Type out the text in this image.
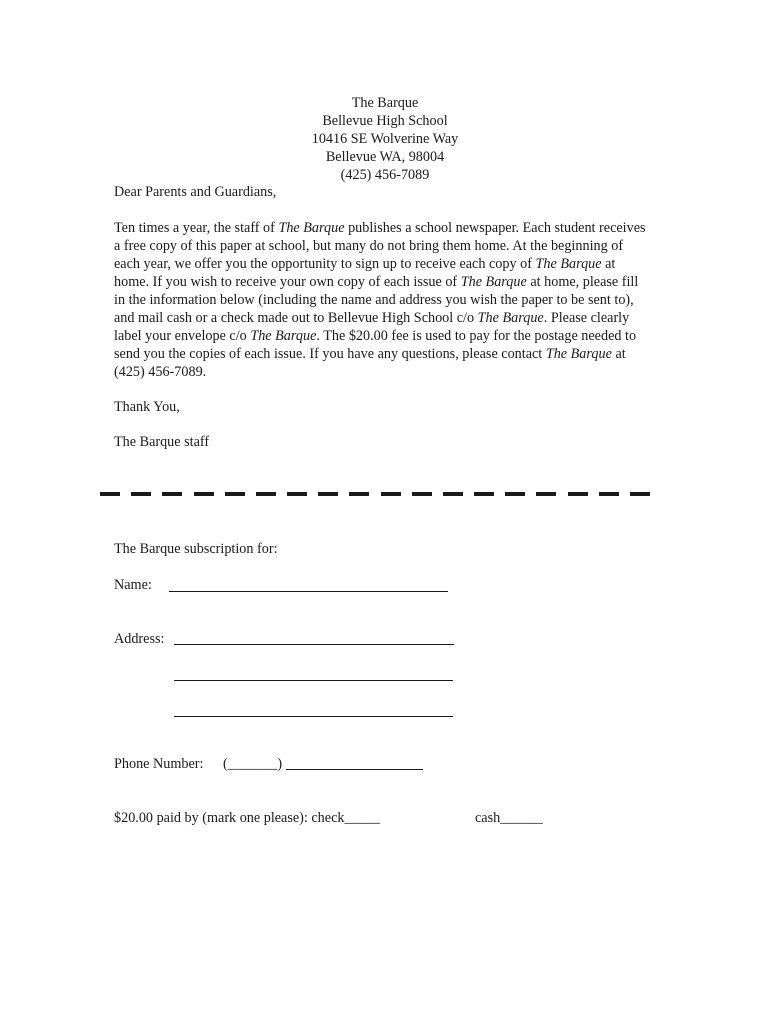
The Barque
Bellevue High School
10416 SE Wolverine Way
Bellevue WA, 98004
(425) 456-7089
Dear Parents and Guardians,
Ten times a year, the staff of The Barque publishes a school newspaper. Each student receives a free copy of this paper at school, but many do not bring them home. At the beginning of each year, we offer you the opportunity to sign up to receive each copy of The Barque at home. If you wish to receive your own copy of each issue of The Barque at home, please fill in the information below (including the name and address you wish the paper to be sent to), and mail cash or a check made out to Bellevue High School c/o The Barque. Please clearly label your envelope c/o The Barque. The $20.00 fee is used to pay for the postage needed to send you the copies of each issue. If you have any questions, please contact The Barque at (425) 456-7089.
Thank You,
The Barque staff
The Barque subscription for:
Name:
Address:
Phone Number: (_______)
$20.00 paid by (mark one please): check_____	cash______
